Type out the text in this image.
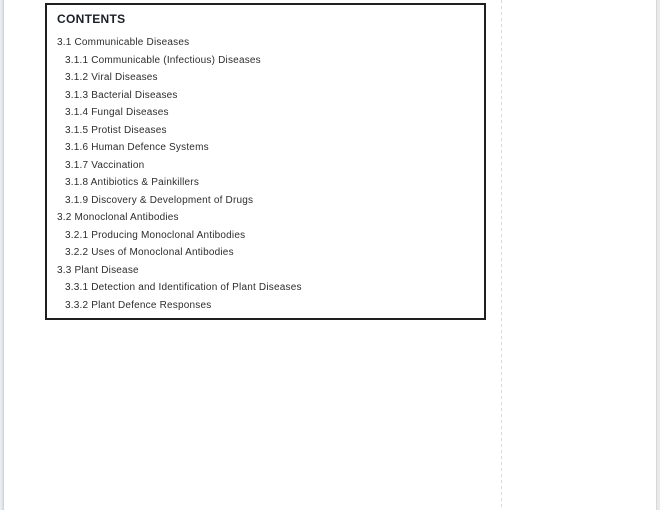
CONTENTS
3.1 Communicable Diseases
3.1.1 Communicable (Infectious) Diseases
3.1.2 Viral Diseases
3.1.3 Bacterial Diseases
3.1.4 Fungal Diseases
3.1.5 Protist Diseases
3.1.6 Human Defence Systems
3.1.7 Vaccination
3.1.8 Antibiotics & Painkillers
3.1.9 Discovery & Development of Drugs
3.2 Monoclonal Antibodies
3.2.1 Producing Monoclonal Antibodies
3.2.2 Uses of Monoclonal Antibodies
3.3 Plant Disease
3.3.1 Detection and Identification of Plant Diseases
3.3.2 Plant Defence Responses
